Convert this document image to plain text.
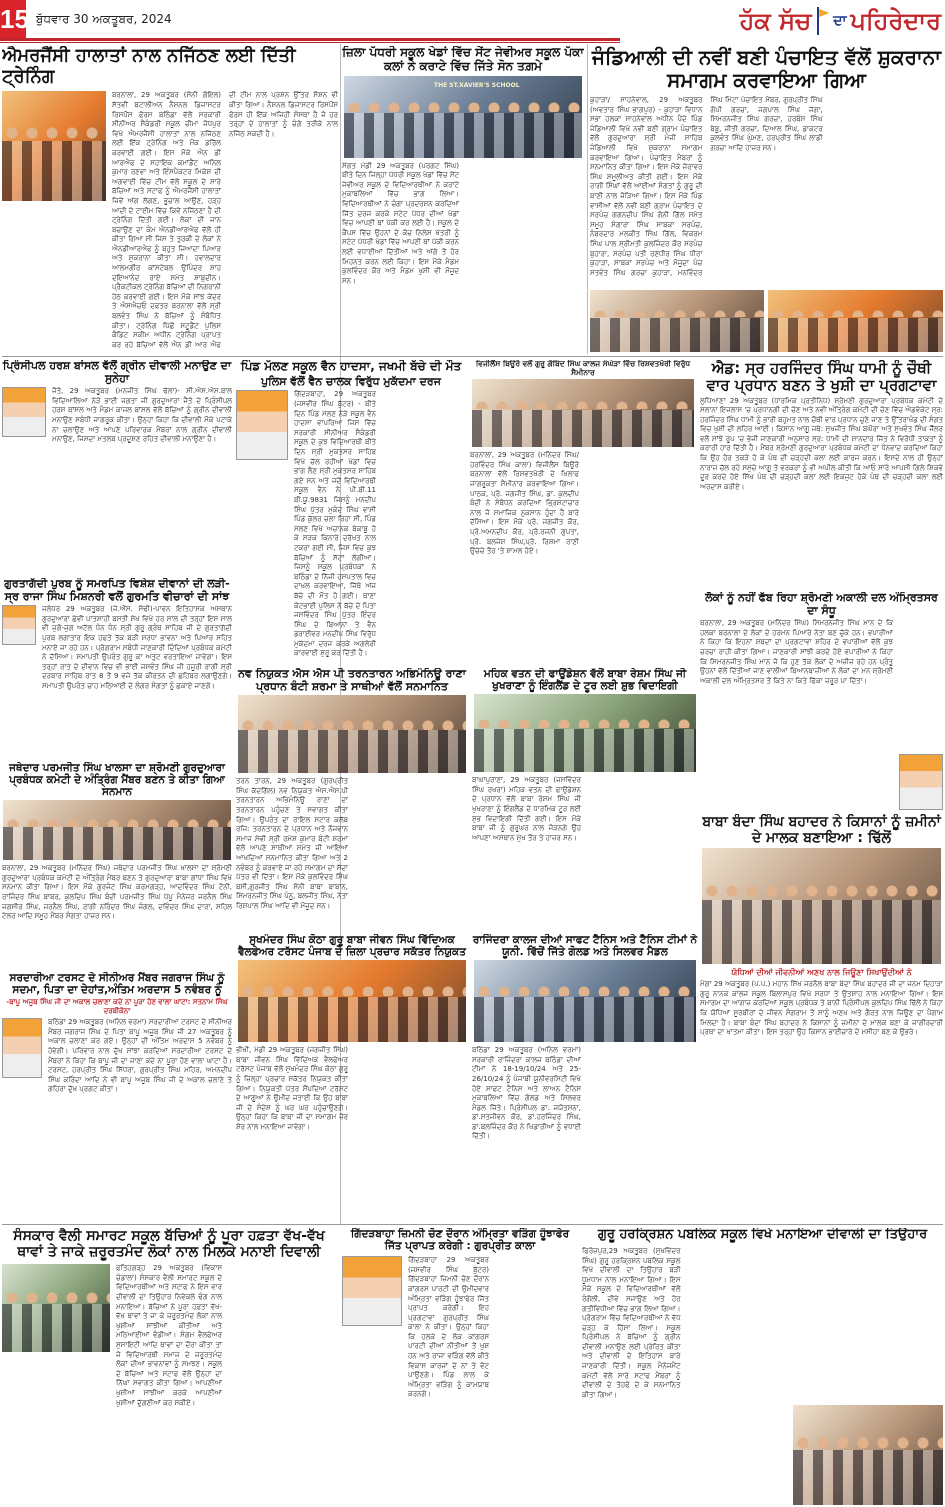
15 ਬੁੱਧਵਾਰ 30 ਅਕਤੂਬਰ, 2024	ਹੱਕ ਸੱਚ ਦਾ ਪਹਿਰੇਦਾਰ
ਐਮਰਜੈਂਸੀ ਹਾਲਾਤਾਂ ਨਾਲ ਨਜਿੱਠਣ ਲਈ ਦਿੱਤੀ ਟ੍ਰੇਨਿੰਗ
ਬਰਨਾਲਾ, 29 ਅਕਤੂਬਰ (ਸੋਨੀ ਗੋਇਲ) ਸੱਤਵੀਂ ਬਟਾਲੀਅਨ ਨੈਸ਼ਨਲ ਡਿਜਾਸਟਰ ਰਿਸਪੌਂਸ ਫੋਰਸ ਬਠਿੰਡਾ ਵੱਲੋਂ ਸਰਕਾਰੀ ਸੀਨੀਅਰ ਸੈਕੰਡਰੀ ਸਕੂਲ ਚੀਮਾ ਜੋਧਪੁਰ ਵਿਖੇ ਐਮਰਜੈਂਸੀ ਹਾਲਾਤਾਂ ਨਾਲ ਨਜਿੱਠਣ ਲਈ ਇੱਕ ਟ੍ਰੇਨਿੰਗ ਅਤੇ ਮੌਕ ਡਰਿੱਲ ਕਰਵਾਈ ਗਈ। ਇਸ ਮੌਕੇ ਐਨ ਡੀ ਆਰਐਫ ਦੇ ਸਹਾਇਕ ਕਮਾਂਡੈਂਟ ਅਨਿਲ ਕੁਮਾਰ ਰਣਵਾ ਅਤੇ ਇੰਸਪੈਕਟਰ ਮਿਕੇਸ਼ ਦੀ ਅਗਵਾਈ ਵਿੱਚ ਟੀਮ ਵੱਲੋਂ ਸਕੂਲ ਦੇ ਸਾਰੇ ਬੱਚਿਆਂ ਅਤੇ ਸਟਾਫ ਨੂੰ ਐਮਰਜੈਂਸੀ ਹਾਲਾਤਾਂ ਜਿਵੇਂ ਅੱਗ ਲੱਗਣ, ਭੂਚਾਲ ਆਉਣ, ਹੜ੍ਹ ਆਦੀ ਦੇ ਟਾਈਮ ਵਿੱਚ ਕਿਵੇਂ ਨਜਿੱਠਣਾ ਹੈ ਦੀ ਟ੍ਰੇਨਿੰਗ ਦਿੱਤੀ ਗਈ। ਲੋਕਾਂ ਦੀ ਜਾਨ ਬਚਾਉਣ ਦਾ ਕੰਮ ਐਨਡੀਆਰਐਫ ਵੱਲੋਂ ਹੀ ਕੀਤਾ ਗਿਆ ਸੀ ਜਿਸ ਤੇ ਤੁਰਕੀ ਦੇ ਲੋਕਾਂ ਨੇ ਐਨਡੀਆਰਐਫ ਨੂੰ ਬਹੁਤ ਜਿਆਦਾ ਪਿਆਰ ਅਤੇ ਸ਼ੁਕਰਾਨਾ ਕੀਤਾ ਸੀ। ਹਵਾਲਦਾਰ ਆਲਮਗੀਰ ਕਾਂਸਟੇਬਲ ਉਪਿੰਦਰ ਸ਼ਾਹ ਦਇਆਨੰਦ ਰਾਏ ਸਮੇਤ ਸ਼ਾਬੁਦੀਨ। ਪ੍ਰੈਕਟੀਕਲ ਟ੍ਰੇਨਿੰਗ ਬੱਚਿਆਂ ਦੀ ਨਿਗਰਾਨੀ ਹੇਠ ਕਰਵਾਈ ਗਈ। ਇਸ ਮੌਕੇ ਸਾਂਝ ਕੇਂਦਰ ਤੇ ਐਸਐਚਓ ਦਫਤਰ ਬਰਨਾਲਾ ਵੱਲੋਂ ਸ੍ਰੀ ਬਲਵੰਤ ਸਿੰਘ ਨੇ ਬੱਚਿਆਂ ਨੂੰ ਸੰਬੋਧਿਤ ਕੀਤਾ। ਟ੍ਰੇਨਿੰਗ ਪਿੱਛੋਂ ਸਟੂਡੈਂਟ ਪੁਲਿਸ ਕੈਡਿਟ ਸਕੀਮ ਅਧੀਨ ਟ੍ਰੇਨਿੰਗ ਪ੍ਰਾਪਤ ਕਰ ਰਹੇ ਬੱਚਿਆਂ ਵੱਲੋਂ ਐਨ ਡੀ ਆਰ ਐਫ ਦੀ ਟੀਮ ਨਾਲ ਪ੍ਰਸ਼ਨ ਉੱਤਰ ਸੈਸ਼ਨ ਵੀ ਕੀਤਾ ਗਿਆ। ਨੈਸ਼ਨਲ ਡਿਜਾਸਟਰ ਰਿਸਪੌਂਸ ਫੋਰਸ ਹੀ ਇੱਕ ਅਜਿਹੀ ਸੰਸਥਾ ਹੈ ਜੋ ਹਰ ਤਰ੍ਹਾਂ ਦੇ ਹਾਲਾਤਾਂ ਨੂੰ ਚੰਗੇ ਤਰੀਕੇ ਨਾਲ ਨਜਿੱਠ ਸਕਦੀ ਹੈ।
ਜ਼ਿਲਾ ਪੱਧਰੀ ਸਕੂਲ ਖੇਡਾਂ ਵਿੱਚ ਸੇਂਟ ਜੇਵੀਅਰ ਸਕੂਲ ਪੱਕਾ ਕਲਾਂ ਨੇ ਕਰਾਟੇ ਵਿੱਚ ਜਿੱਤੇ ਸੋਨ ਤਗ਼ਮੇ
THE ST.XAVIER'S SCHOOL
ਸੰਗਤ ਮੰਡੀ 29 ਅਕਤੂਬਰ (ਪਰਗਟ ਸਿੰਘ) ਬੀਤੇ ਦਿਨ ਜਿਲ੍ਹਾ ਪੱਧਰੀ ਸਕੂਲ ਖੇਡਾਂ ਵਿੱਚ ਸੇਂਟ ਜੇਵੀਅਰ ਸਕੂਲ ਦੇ ਵਿਦਿਆਰਥੀਆਂ ਨੇ ਕਰਾਟੇ ਮੁਕਾਬਲਿਆਂ ਵਿੱਚ ਭਾਗ ਲਿਆ। ਵਿਦਿਆਰਥੀਆਂ ਨੇ ਚੰਗਾ ਪ੍ਰਦਰਸ਼ਨ ਕਰਦਿਆਂ ਜਿੱਤ ਦਰਜ ਕਰਕੇ ਸਟੇਟ ਪੱਧਰ ਦੀਆਂ ਖੇਡਾਂ ਵਿਚ ਆਪਣੀ ਥਾਂ ਪੱਕੀ ਕਰ ਲਈ ਹੈ। ਸਕੂਲ ਦੇ ਕੈਂਪਸ ਵਿੱਚ ਉਹਨਾਂ ਦੇ ਕੋਚ ਨਿਲੇਸ਼ ਖੱਤਰੀ ਨੂੰ ਸਟੇਟ ਪੱਧਰੀ ਖੇਡਾਂ ਵਿੱਚ ਆਪਣੀ ਥਾਂ ਪੱਕੀ ਕਰਨ ਲਈ ਵਧਾਈਆਂ ਦਿੱਤੀਆਂ ਅਤੇ ਅੱਗੇ ਤੋਂ ਹੋਰ ਮਿਹਨਤ ਕਰਨ ਲਈ ਕਿਹਾ। ਇਸ ਮੌਕੇ ਮੈਡਮ ਕੁਲਵਿੰਦਰ ਕੌਰ ਅਤੇ ਮੈਡਮ ਖੁਸ਼ੀ ਵੀ ਮੌਜੂਦ ਸਨ।
ਜੰਡਿਆਲੀ ਦੀ ਨਵੀਂ ਬਣੀ ਪੰਚਾਇਤ ਵੱਲੋਂ ਸ਼ੁਕਰਾਨਾ ਸਮਾਗਮ ਕਰਵਾਇਆ ਗਿਆ
ਕੁਹਾੜਾ/ ਸਾਹਨੇਵਾਲ, 29 ਅਕਤੂਬਰ (ਅਵਤਾਰ ਸਿੰਘ ਭਾਗਪੁਰ) - ਕੁਹਾੜਾ ਵਿਧਾਨ ਸਭਾ ਹਲਕਾ ਸਾਹਨੇਵਾਲ ਅਧੀਨ ਪੈਂਦੇ ਪਿੰਡ ਜੰਡਿਆਲੀ ਵਿਖੇ ਨਵੀਂ ਬਣੀ ਗ੍ਰਾਮ ਪੰਚਾਇਤ ਵੱਲੋਂ ਗੁਰਦੁਆਰਾ ਸ੍ਰੀ ਮੰਜੀ ਸਾਹਿਬ ਜੰਡਿਆਲੀ ਵਿਖੇ ਸ਼ੁਕਰਾਨਾ ਸਮਾਗਮ ਕਰਵਾਇਆ ਗਿਆ। ਪੰਚਾਇਤ ਮੈਂਬਰਾਂ ਨੂੰ ਸਨਮਾਨਿਤ ਕੀਤਾ ਗਿਆ। ਇਸ ਮੌਕੇ ਜ਼ੋਰਾਵਰ ਸਿੰਘ ਸ਼ਮੂਲੀਅਤ ਕੀਤੀ ਗਈ। ਇਸ ਮੌਕੇ ਰਾਗੀ ਸਿੰਘਾਂ ਵੱਲੋਂ ਆਈਆਂ ਸੰਗਤਾਂ ਨੂੰ ਗੁਰੂ ਦੀ ਬਾਣੀ ਨਾਲ ਜੋੜਿਆ ਗਿਆ। ਇਸ ਮੌਕੇ ਪਿੰਡ ਵਾਸੀਆਂ ਵੱਲੋਂ ਨਵੀਂ ਬਣੀ ਗ੍ਰਾਮ ਪੰਚਾਇਤ ਦੇ ਸਰਪੰਚ ਗਗਨਦੀਪ ਸਿੰਘ ਗੋਨੀ ਗਿੱਲ ਸਮੇਤ ਸਮੂਹ ਸੰਗਾਰਾ ਸਿੰਘ ਸਾਬਕਾ ਸਰਪੰਚ, ਨੰਬਰਦਾਰ ਮਲਕੀਤ ਸਿੰਘ ਗਿੱਲ, ਵਿਕਰਮ ਸਿੰਘ ਪਾਲ ਸ੍ਰੀਮਤੀ ਕੁਲਜਿੰਦਰ ਕੌਰ ਸਰਪੰਚ ਬੁਹਾਰਾ, ਸਰਪੰਚ ਪਤੀ ਰਣਧੀਰ ਸਿੰਘ ਧੀਰਾ ਕੁਹਾੜਾ, ਸਾਬਕਾ ਸਰਪੰਚ ਅਤੇ ਮੌਜੂਦਾ ਪੰਚ ਸਤਵੰਤ ਸਿੰਘ ਗਰਚਾ ਕੁਹਾੜਾ, ਮਨਵਿੰਦਰ ਸਿੰਘ ਮਿੰਟਾ ਪੰਚਾਇਤ ਮੈਂਬਰ, ਗੁਰਪ੍ਰੀਤ ਸਿੰਘ ਗੋਪੀ ਗਰਚਾ, ਜਗਪਾਲ ਸਿੰਘ ਜੱਗਾ, ਸਿਮਰਨਜੀਤ ਸਿੰਘ ਗਰਚਾ, ਹਰਬੰਸ ਸਿੰਘ ਬੇਬੂ, ਜੀਤੀ ਗਰਚਾ, ਦਿਆਲ ਸਿੰਘ, ਡਾਕਟਰ ਕੁਲਵੰਤ ਸਿੰਘ ਘੁੰਮਣ, ਹਰਪ੍ਰੀਤ ਸਿੰਘ ਲਾਡੀ ਗਰਚਾ ਆਦਿ ਹਾਜ਼ਰ ਸਨ।
ਪ੍ਰਿੰਸੀਪਲ ਹਰਸ਼ ਬਾਂਸਲ ਵੱਲੋਂ ਗ੍ਰੀਨ ਦੀਵਾਲੀ ਮਨਾਉਣ ਦਾ ਸੁਨੇਹਾ
ਜੈਤੋ, 29 ਅਕਤੂਬਰ (ਮਨਜੀਤ ਸਿੰਘ ਢੱਲਾ)- ਸੀ.ਐਸ.ਐਸ.ਬਾਲ ਵਿਦਿਆਲਿਆ ਨੇੜੇ ਭਾਈ ਜਗਤਾ ਜੀ ਗੁਰਦੁਆਰਾ ਜੈਤੋ ਦੇ ਪ੍ਰਿੰਸੀਪਲ ਹਰਸ਼ ਬਾਂਸਲ ਅਤੇ ਮੈਡਮ ਕਾਜਲ ਬਾਂਸਲ ਵੱਲੋਂ ਬੱਚਿਆਂ ਨੂੰ ਗ੍ਰੀਨ ਦੀਵਾਲੀ ਮਨਾਉਣ ਸਬੰਧੀ ਜਾਗਰੂਕ ਕੀਤਾ। ਉਨ੍ਹਾਂ ਕਿਹਾ ਕਿ ਦੀਵਾਲੀ ਮੌਕੇ ਪਟਾਕੇ ਨਾ ਚਲਾਉਣ ਅਤੇ ਆਪਣੇ ਪਰਿਵਾਰਕ ਮੈਂਬਰਾਂ ਨਾਲ ਗ੍ਰੀਨ ਦੀਵਾਲੀ ਮਨਾਉਣ, ਜਿਸਦਾ ਮਤਲਬ ਪ੍ਰਦੂਸ਼ਣ ਰਹਿਤ ਦੀਵਾਲੀ ਮਨਾਉਣਾ ਹੈ।
ਪਿੰਡ ਮੱਲਣ ਸਕੂਲ ਵੈਨ ਹਾਦਸਾ, ਜਖਮੀ ਬੱਚੇ ਦੀ ਮੌਤ
ਪੁਲਿਸ ਵੱਲੋਂ ਵੈਨ ਚਾਲਕ ਵਿਰੁੱਧ ਮੁਕੱਦਮਾ ਦਰਜ
ਗਿੱਦੜਬਾਹਾ, 29 ਅਕਤੂਬਰ (ਜਸਵੀਰ ਸਿੰਘ ਬੁੱਟਰ) - ਬੀਤੇ ਦਿਨ ਪਿੰਡ ਮੱਲਣ ਨੇੜੇ ਸਕੂਲ ਵੈਨ ਹਾਦਸਾ ਵਾਪਰਿਆ ਜਿਸ ਵਿੱਚ ਸਰਕਾਰੀ ਸੀਨੀਅਰ ਸੈਕੰਡਰੀ ਸਕੂਲ ਦੇ ਕੁਝ ਵਿਦਿਆਰਥੀ ਬੀਤੇ ਦਿਨ ਸ੍ਰੀ ਮੁਕਤਸਰ ਸਾਹਿਬ ਵਿਖੇ ਚੱਲ ਰਹੀਆਂ ਖੇਡਾਂ ਵਿਚ ਭਾਗ ਲੈਣ ਸ੍ਰੀ ਮੁਕਤਸਰ ਸਾਹਿਬ ਗਏ ਸਨ ਅਤੇ ਜਦੋਂ ਵਿਦਿਆਰਥੀ ਸਕੂਲ ਵੈਨ ਨੇ ਪੀ.ਬੀ.11 ਬੀ.ਯੂ.9831 ਜਿਸਨੂੰ ਮਨਦੀਪ ਸਿੰਘ ਪੁੱਤਰ ਮੁਕੰਦ ਸਿੰਘ ਵਾਸੀ ਪਿੰਡ ਕੁੱਲਰ ਚਲਾ ਰਿਹਾ ਸੀ, ਪਿੰਡ ਮੱਲਣ ਵਿਖੇ ਅਚਾਨਕ ਬੇਕਾਬੂ ਹੋ ਕੇ ਸੜਕ ਕਿਨਾਰੇ ਦਰੱਖਤ ਨਾਲ ਟਕਰਾ ਗਈ ਸੀ, ਜਿਸ ਵਿਚ ਕੁਝ ਬੱਚਿਆਂ ਨੂੰ ਸੱਟਾਂ ਲੱਗੀਆਂ। ਜਿਸਨੂੰ ਸਕੂਲ ਪ੍ਰਬੰਧਕਾਂ ਨੇ ਬਠਿੰਡਾ ਦੇ ਨਿੱਜੀ ਹਸਪਤਾਲ ਵਿਚ ਦਾਖਲ ਕਰਵਾਇਆ, ਜਿੱਥੇ ਅੱਜ ਬੱਚੇ ਦੀ ਮੌਤ ਹੋ ਗਈ। ਥਾਣਾ ਕੋਟਭਾਈ ਪੁਲਿਸ ਨੇ ਬੱਚੇ ਦੇ ਪਿਤਾ ਜਸਵਿੰਦਰ ਸਿੰਘ ਪੁੱਤਰ ਇੰਦਰ ਸਿੰਘ ਦੇ ਬਿਆਨਾਂ ਤੇ ਵੈਨ ਡਰਾਈਵਰ ਮਨਦੀਪ ਸਿੰਘ ਵਿਰੁੱਧ ਮੁਕੱਦਮਾ ਦਰਜ ਕਰਕੇ ਅਗਲੇਰੀ ਕਾਰਵਾਈ ਸ਼ੁਰੂ ਕਰ ਦਿੱਤੀ ਹੈ।
ਵਿਜੀਲੈਂਸ ਬਿਊਰੋ ਵਲੋਂ ਗੁਰੂ ਗੋਬਿੰਦ ਸਿੰਘ ਕਾਲਜ ਸੰਘੇੜਾ ਵਿੱਚ ਰਿਸ਼ਵਤਖੋਰੀ ਵਿਰੁੱਧ ਸੈਮੀਨਾਰ
ਬਰਨਾਲਾ, 29 ਅਕਤੂਬਰ (ਮਨਿੰਦਰ ਸਿੰਘ/ਹਰਵਿੰਦਰ ਸਿੰਘ ਕਾਲਾ) ਵਿਜੀਲੈਂਸ ਬਿਊਰੋ ਬਰਨਾਲਾ ਵੱਲੋਂ ਰਿਸ਼ਵਤਖੋਰੀ ਦੇ ਖਿਲਾਫ ਜਾਗਰੂਕਤਾ ਸੈਮੀਨਾਰ ਕਰਵਾਇਆ ਗਿਆ। ਪਾਠਕ, ਪ੍ਰੋ. ਜਗਜੀਤ ਸਿੰਘ, ਡਾ. ਕੁਲਦੀਪ ਬੰਦੀ ਨੇ ਸੰਬੋਧਨ ਕਰਦਿਆਂ ਭ੍ਰਿਸ਼ਟਾਚਾਰ ਨਾਲ ਜੋ ਸਮਾਜਿਕ ਨੁਕਸਾਨ ਹੁੰਦਾ ਹੈ ਬਾਰੇ ਦੱਸਿਆ। ਇਸ ਮੌਕੇ ਪ੍ਰੋ. ਜਗਜੀਤ ਕੌਰ, ਪ੍ਰੋ.ਅਮਨਦੀਪ ਕੌਰ, ਪ੍ਰੋ.ਰਜਨੀ ਗੁਪਤਾ, ਪ੍ਰੋ. ਬਲਜੇਸ਼ ਸਿੰਘ,ਪ੍ਰੋ. ਰਿਸ਼ਮਾ ਰਾਣੀ ਉਚੇਚੇ ਤੌਰ 'ਤੇ ਸ਼ਾਮਲ ਹੋਏ।
ਐਡ: ਸ੍ਰ ਹਰਜਿੰਦਰ ਸਿੰਘ ਧਾਮੀ ਨੂੰ ਚੌਥੀ ਵਾਰ ਪ੍ਰਧਾਨ ਬਣਨ ਤੇ ਖੁਸ਼ੀ ਦਾ ਪ੍ਰਗਟਾਵਾ
ਲੁਧਿਆਣਾ 29 ਅਕਤੂਬਰ (ਧਾਰਮਿਕ ਪ੍ਰਤੀਨਿਧ) ਸ਼੍ਰੋਮਣੀ ਗੁਰਦੁਆਰਾ ਪ੍ਰਬੰਧਕ ਕਮੇਟੀ ਦੇ ਸਲਾਨਾ ਇਜਲਾਸ 'ਚ ਪ੍ਰਧਾਨਗੀ ਦੀ ਚੋਣ ਅਤੇ ਨਵੀਂ ਅੰਤ੍ਰਿੰਗ ਕਮੇਟੀ ਦੀ ਚੋਣ ਵਿੱਚ ਐਡਵੋਕੇਟ ਸ੍ਰ: ਹਰਜਿੰਦਰ ਸਿੰਘ ਧਾਮੀ ਨੂੰ ਭਾਰੀ ਬਹੁਮਤ ਨਾਲ ਚੌਥੀ ਵਾਰ ਪ੍ਰਧਾਨ ਚੁਣੇ ਜਾਣ ਤੇ ਉੱਤਰਾਖੰਡ ਦੀ ਸੰਗਤ ਵਿਚ ਖੁਸ਼ੀ ਦੀ ਲਹਿਰ ਆਈ। ਕਿਸਾਨ ਆਗੂ ਜਥੇ: ਸੁਖਜੀਤ ਸਿੰਘ ਬਘੌਰਾ ਅਤੇ ਸੁਖਵੰਤ ਸਿੰਘ ਜੌੱਲਰ ਵਲੋਂ ਸਾਂਝੇ ਰੂਪ 'ਚ ਭੇਜੀ ਜਾਣਕਾਰੀ ਅਨੁਸਾਰ ਸ੍ਰ: ਧਾਮੀ ਦੀ ਸ਼ਾਨਦਾਰ ਜਿੱਤ ਨੇ ਵਿਰੋਧੀ ਤਾਕਤਾਂ ਨੂੰ ਕਰਾਰੀ ਹਾਰ ਦਿੱਤੀ ਹੈ। ਮੈਂਬਰ ਸ਼੍ਰੋਮਣੀ ਗੁਰਦੁਆਰਾ ਪ੍ਰਬੰਧਕ ਕਮੇਟੀ ਦਾ ਧੰਨਵਾਦ ਕਰਦਿਆਂ ਕਿਹਾ ਕਿ ਉਹ ਹੋਰ ਤਕੜੇ ਹੋ ਕੇ ਪੰਥ ਦੀ ਚੜ੍ਹਦੀ ਕਲਾ ਲਈ ਕਾਰਜ ਕਰਨ। ਇਸਦੇ ਨਾਲ ਹੀ ਉਨ੍ਹਾਂ ਨਾਰਾਜ਼ ਚੱਲ ਰਹੇ ਸਮੁੱਚੇ ਆਗੂ ਤੇ ਵਰਕਰਾਂ ਨੂੰ ਵੀ ਅਪੀਲ ਕੀਤੀ ਕਿ ਆਓ ਸਾਰੇ ਆਪਸੀ ਗਿਲੇ ਸ਼ਿਕਵੇ ਦੂਰ ਕਰਦੇ ਹੋਏ ਸਿੱਖ ਪੰਥ ਦੀ ਚੜ੍ਹਦੀ ਕਲਾ ਲਈ ਇਕਜੁਟ ਹੋਕੇ ਪੰਥ ਦੀ ਚੜ੍ਹਦੀ ਕਲਾ ਲਈ ਅਰਦਾਸ ਕਰੀਏ।
ਗੁਰਤਾਗੱਦੀ ਪੁਰਬ ਨੂੰ ਸਮਰਪਿਤ ਵਿਸ਼ੇਸ਼ ਦੀਵਾਨਾਂ ਦੀ ਲੜੀ- ਸ੍ਰ ਰਾਜਾ ਸਿੰਘ ਮਿਸ਼ਨਰੀ ਵਲੋਂ ਗੁਰਮਤਿ ਵੀਚਾਰਾਂ ਦੀ ਸਾਂਝ
ਜਲੰਧਰ 29 ਅਕਤੂਬਰ (ਜੇ.ਐੱਸ. ਸੋਢੀ)-ਪਾਵਨ ਇਤਿਹਾਸਕ ਅਸਥਾਨ ਗੁਰਦੁਆਰਾ ਛੇਵੀਂ ਪਾਤਸ਼ਾਹੀ ਬਸਤੀ ਸ਼ੇਖ ਵਿਖੇ ਹਰ ਸਾਲ ਦੀ ਤਰ੍ਹਾਂ ਇਸ ਸਾਲ ਵੀ ਜੁਗੋ-ਜੁਗ ਅਟੱਲ ਧੰਨ ਧੰਨ ਸ੍ਰੀ ਗੁਰੂ ਗ੍ਰੰਥ ਸਾਹਿਬ ਜੀ ਦੇ ਗੁਰਤਾਗੱਦੀ ਪੁਰਬ ਲਗਾਤਾਰ ਇਕ ਹਫਤੇ ਤੱਕ ਬੜੀ ਸ਼ਰਧਾ ਭਾਵਨਾ ਅਤੇ ਪਿਆਰ ਸਹਿਤ ਮਨਾਏ ਜਾ ਰਹੇ ਹਨ। ਪ੍ਰੋਗਰਾਮ ਸਬੰਧੀ ਜਾਣਕਾਰੀ ਦਿੰਦਿਆਂ ਪ੍ਰਬੰਧਕ ਕਮੇਟੀ ਨੇ ਦੱਸਿਆ। ਸਮਾਪਤੀ ਉਪਰੰਤ ਗੁਰੂ ਕਾ ਅਤੁਟ ਵਰਤਾਇਆ ਜਾਵੇਗਾ। ਇਸ ਤਰ੍ਹਾਂ ਰਾਤ ਦੇ ਦੀਵਾਨ ਵਿਚ ਵੀ ਭਾਈ ਜਸਵੰਤ ਸਿੰਘ ਜੀ ਹਜ਼ੂਰੀ ਰਾਗੀ ਸ੍ਰੀ ਦਰਬਾਰ ਸਾਹਿਬ ਰਾਤ 8 ਤੋਂ 9 ਵਜੇ ਤੱਕ ਕੀਰਤਨ ਦੀ ਛਹਿਬਰ ਲਗਾਉਣਗੇ। ਸਮਾਪਤੀ ਉਪਰੰਤ ਚਾਹ ਮਠਿਆਈ ਦੇ ਲੰਗਰ ਸੰਗਤਾਂ ਨੂੰ ਛਕਾਏ ਜਾਣਗੇ।
ਲੋਕਾਂ ਨੂੰ ਨਹੀਂ ਫੱਬ ਰਿਹਾ ਸ਼੍ਰੋਮਣੀ ਅਕਾਲੀ ਦਲ ਅੰਮ੍ਰਿਤਸਰ ਦਾ ਸੰਧੂ
ਬਰਨਾਲਾ, 29 ਅਕਤੂਬਰ (ਮਨਿੰਦਰ ਸਿੰਘ) ਸਿਮਰਨਜੀਤ ਸਿੰਘ ਮਾਨ ਦੇ ਕਿ ਹਲਕਾ ਬਰਨਾਲਾ ਦੇ ਲੋਕਾਂ ਦੇ ਹਰਮਨ ਪਿਆਰੇ ਨੇਤਾ ਬਣ ਚੁੱਕੇ ਹਨ। ਵਪਾਰੀਆਂ ਨੇ ਕਿਹਾ ਕਿ ਇਹਨਾਂ ਸ਼ਬਦਾਂ ਦਾ ਪ੍ਰਗਟਾਵਾ ਸ਼ਹਿਰ ਦੇ ਵਪਾਰੀਆਂ ਵੱਲੋਂ ਕੁਝ ਚਰਚਾ ਰਾਹੀਂ ਕੀਤਾ ਗਿਆ। ਜਾਣਕਾਰੀ ਸਾਂਝੀ ਕਰਦੇ ਹੋਏ ਵਪਾਰੀਆਂ ਨੇ ਕਿਹਾ ਕਿ ਸਿਮਰਨਜੀਤ ਸਿੰਘ ਮਾਨ ਜੋ ਕਿ ਹੁਣ ਤੱਕ ਲੋਕਾਂ ਦੇ ਅਜ਼ੀਜ਼ ਰਹੇ ਹਨ ਪ੍ਰੰਤੂ ਉਹਨਾਂ ਵੱਲੋਂ ਦਿੱਤੀਆਂ ਜਾਣ ਵਾਲੀਆਂ ਬਿਆਨਬਾਜ਼ੀਆਂ ਨੇ ਲੋਕਾਂ ਦਾ ਮਨ ਸ਼੍ਰੋਮਣੀ ਅਕਾਲੀ ਦਲ ਅੰਮ੍ਰਿਤਸਰ ਤੋਂ ਕਿਤੇ ਨਾ ਕਿਤੇ ਫਿੱਕਾ ਜ਼ਰੂਰ ਪਾ ਦਿੱਤਾ।
ਨਵ ਨਿਯੁਕਤ ਐਸ ਐਸ ਪੀ ਤਰਨਤਾਰਨ ਅਭਿਮੰਨਿਊ ਰਾਣਾ ਪ੍ਰਧਾਨ ਬੰਟੀ ਸ਼ਰਮਾ ਤੇ ਸਾਥੀਆਂ ਵੱਲੋਂ ਸਨਮਾਨਿਤ
ਤਰਨ ਤਾਰਨ, 29 ਅਕਤੂਬਰ (ਗੁਰਪ੍ਰੀਤ ਸਿੰਘ ਕੱਦਗਿੱਲ) ਨਵ ਨਿਯੁਕਤ ਐਸ.ਐਸ.ਪੀ ਤਰਨਤਾਰਨ ਅਭਿਮੰਨਿਊ ਰਾਣਾ ਦਾ ਤਰਨਤਾਰਨ ਪਹੁੰਚਣ ਤੇ ਸਵਾਗਤ ਕੀਤਾ ਗਿਆ। ਉਪਰੰਤ ਦਾ ਰਾਇਲ ਸਟਾਰ ਕਲੱਬ ਰਜਿ: ਤਰਨਤਾਰਨ ਦੇ ਪ੍ਰਧਾਨ ਅਤੇ ਨੌਜਵਾਨ ਸਮਾਜ ਸੇਵੀ ਸ੍ਰੀ ਰਮੇਸ਼ ਕੁਮਾਰ ਬੰਟੀ ਸ਼ਰਮਾ ਵੱਲੋਂ ਆਪਣੇ ਸਾਥੀਆਂ ਸਮੇਤ ਜੀ ਆਇਆਂ ਆਖਦਿਆਂ ਸਨਮਾਨਿਤ ਕੀਤਾ ਗਿਆ ਅਤੇ 2 ਨਵੰਬਰ ਨੂੰ ਕਰਵਾਏ ਜਾ ਰਹੇ ਸਮਾਗਮ ਦਾ ਸੱਦਾ ਪੱਤਰ ਵੀ ਦਿੱਤਾ। ਇਸ ਮੌਕੇ ਕੁਲਵਿੰਦਰ ਸਿੰਘ ਬਸੀ,ਗੁਰਜੀਤ ਸਿੰਘ ਸੋਨੀ ਬਾਬਾ ਬਾਬਾਨ, ਸਿਮਰਨਜੀਤ ਸਿੰਘ ਪੰਨੂ, ਬਲਜੀਤ ਸਿੰਘ, ਨੇਤਾ ਰਿਸ਼ਪਾਲ ਸਿੰਘ ਆਦਿ ਵੀ ਮੌਜੂਦ ਸਨ।
ਮਹਿਕ ਵਤਨ ਦੀ ਫਾਉਂਡੇਸ਼ਨ ਵੱਲੋਂ ਬਾਬਾ ਰੇਸ਼ਮ ਸਿੰਘ ਜੀ ਖੁਖਰਾਣਾ ਨੂੰ ਇੰਗਲੈਂਡ ਦੇ ਟੂਰ ਲਈ ਸ਼ੁਭ ਵਿਦਾਇਗੀ
ਬਾਘਾਪੁਰਾਣਾ, 29 ਅਕਤੂਬਰ (ਜਸਵਿੰਦਰ ਸਿੰਘ ਰਖਰਾ) ਮਹਿਕ ਵਤਨ ਦੀ ਫਾਉਂਡੇਸ਼ਨ ਦੇ ਪ੍ਰਧਾਨ ਵੱਲੋਂ ਬਾਬਾ ਰੇਸ਼ਮ ਸਿੰਘ ਜੀ ਖੁਖਰਾਣਾ ਨੂੰ ਇੰਗਲੈਂਡ ਦੇ ਧਾਰਮਿਕ ਟੂਰ ਲਈ ਸ਼ੁਭ ਵਿਦਾਇਗੀ ਦਿੱਤੀ ਗਈ। ਇਸ ਮੌਕੇ ਬਾਬਾ ਜੀ ਨੂੰ ਗੁਰੂਘਰ ਨਾਲ ਜੋੜਨਗੇ ਉਹ ਆਪਣਾ ਅਸਥਾਨ ਮੁੱਖ ਤੌਰ ਤੇ ਹਾਜ਼ਰ ਸਨ।
ਜਥੇਦਾਰ ਪਰਮਜੀਤ ਸਿੰਘ ਖਾਲਸਾ ਦਾ ਸ਼੍ਰੋਮਣੀ ਗੁਰਦੁਆਰਾ ਪ੍ਰਬੰਧਕ ਕਮੇਟੀ ਦੇ ਅੰਤ੍ਰਿੰਗ ਮੈਂਬਰ ਬਣਨ ਤੇ ਕੀਤਾ ਗਿਆ ਸਨਮਾਨ
ਬਰਨਾਲਾ, 29 ਅਕਤੂਬਰ (ਮਨਿੰਦਰ ਸਿੰਘ) ਜਥੇਦਾਰ ਪਰਮਜੀਤ ਸਿੰਘ ਖਾਲਸਾ ਦਾ ਸ਼੍ਰੋਮਣੀ ਗੁਰਦੁਆਰਾ ਪ੍ਰਬੰਧਕ ਕਮੇਟੀ ਦੇ ਅੰਤ੍ਰਿੰਗ ਮੈਂਬਰ ਬਣਨ ਤੇ ਗੁਰਦੁਆਰਾ ਬਾਬਾ ਗਾਂਧਾ ਸਿੰਘ ਵਿਖੇ ਸਨਮਾਨ ਕੀਤਾ ਗਿਆ। ਇਸ ਮੌਕੇ ਗੁਰਜੰਟ ਸਿੰਘ ਕਰਮਗੜ੍ਹ, ਆਦਵਿੰਦਰ ਸਿੰਘ ਟੋਨੀ, ਰਾਜਿੰਦਰ ਸਿੰਘ ਬਾਬਰ, ਕੁਲਦਿਪ ਸਿੰਘ ਬੰਦੀ ਪਰਮਜੀਤ ਸਿੰਘ ਪੱਪੂ ਮੈਨੇਜਰ ਜਰਨੈਲ ਸਿੰਘ ਜਗਸੀਰ ਸਿੰਘ, ਜਰਨੈਲ ਸਿੰਘ, ਰਾਗੀ ਨਰਿੰਦਰ ਸਿੰਘ ਜੰਗਲ, ਦਵਿੰਦਰ ਸਿੰਘ ਦਾਰਾ, ਸਹਿਲ ਟੇਲਰ ਆਦਿ ਸਮੂਹ ਮੈਂਬਰ ਸੰਗਤਾ ਹਾਜ਼ਰ ਸਨ।
ਬਾਬਾ ਬੰਦਾ ਸਿੰਘ ਬਹਾਦਰ ਨੇ ਕਿਸਾਨਾਂ ਨੂੰ ਜ਼ਮੀਨਾਂ ਦੇ ਮਾਲਕ ਬਣਾਇਆ : ਢਿੱਲੋਂ
ਯੋਧਿਆਂ ਦੀਆਂ ਜੀਵਨੀਆਂ ਅਣਖ ਨਾਲ ਜਿਊਣਾ ਸਿਖਾਉਂਦੀਆਂ ਨੇ
ਮੋਗਾ 29 ਅਕਤੂਬਰ (ਪ.ਪ.) ਮਹਾਨ ਸਿੱਖ ਜਰਨੈਲ ਬਾਬਾ ਬੰਦਾ ਸਿੰਘ ਬਹਾਦਰ ਜੀ ਦਾ ਜਨਮ ਦਿਹਾੜਾ ਗੁਰੂ ਨਾਨਕ ਕਾਲਜ ਸਕੂਲ ਬਿਲਾਸਪੁਰ ਵਿਖੇ ਸ਼ਰਧਾ ਤੇ ਉਤਸ਼ਾਹ ਨਾਲ ਮਨਾਇਆ ਗਿਆ। ਇਸ ਸਮਾਗਮ ਦਾ ਆਗਾਜ਼ ਕਰਦਿਆਂ ਸਕੂਲ ਪ੍ਰਬੰਧਕ ਤੇ ਬਾਨੀ ਪ੍ਰਿੰਸੀਪਲ ਕੁਲਦਿਪ ਸਿੰਘ ਢਿੱਲੋਂ ਨੇ ਕਿਹਾ ਕਿ ਯੋਧਿਆਂ ਸੂਰਬੀਰਾਂ ਦੇ ਜੀਵਨ ਸੰਗਰਾਮ ਤੋਂ ਸਾਨੂੰ ਅਣਖ ਅਤੇ ਗੈਰਤ ਨਾਲ ਜਿਊਣ ਦਾ ਪੈਗਾਮ ਮਿਲਦਾ ਹੈ। ਬਾਬਾ ਬੰਦਾ ਸਿੰਘ ਬਹਾਦਰ ਨੇ ਕਿਸਾਨਾਂ ਨੂੰ ਜ਼ਮੀਨਾਂ ਦੇ ਮਾਲਕ ਬਣਾ ਕੇ ਜਾਗੀਰਦਾਰੀ ਪ੍ਰਥਾ ਦਾ ਖਾਤਮਾ ਕੀਤਾ। ਇਸ ਤਰ੍ਹਾਂ ਉਹ ਕਿਸਾਨ ਭਾਈਚਾਰੇ ਦੇ ਮਸੀਹਾ ਬਣ ਕੇ ਉਭਰੇ।
ਸੁਖਮੰਦਰ ਸਿੰਘ ਕੋਠਾ ਗੁਰੂ ਬਾਬਾ ਜੀਵਨ ਸਿੰਘ ਵਿੱਦਿਅਕ ਵੈਲਫੇਅਰ ਟਰੱਸਟ ਪੰਜਾਬ ਦੇ ਜ਼ਿਲਾ ਪ੍ਰਚਾਰ ਸਕੱਤਰ ਨਿਯੁਕਤ
ਭੀਖੀ, ਮੰਡੀ 29 ਅਕਤੂਬਰ (ਜਗਜੀਤ ਸਿੰਘ) ਬਾਬਾ ਜੀਵਨ ਸਿੰਘ ਵਿੱਦਿਅਕ ਵੈਲਫੇਅਰ ਟਰੱਸਟ ਪੰਜਾਬ ਵੱਲੋਂ ਸੁਖਮੰਦਰ ਸਿੰਘ ਕੋਠਾ ਗੁਰੂ ਨੂੰ ਜ਼ਿਲ੍ਹਾ ਪ੍ਰਚਾਰ ਸਕੱਤਰ ਨਿਯੁਕਤ ਕੀਤਾ ਗਿਆ। ਨਿਯੁਕਤੀ ਪੱਤਰ ਸੌਂਪਦਿਆਂ ਟਰੱਸਟ ਦੇ ਆਗੂਆਂ ਨੇ ਉਮੀਦ ਜਤਾਈ ਕਿ ਉਹ ਬਾਬਾ ਜੀ ਦੇ ਸੰਦੇਸ਼ ਨੂੰ ਘਰ ਘਰ ਪਹੁੰਚਾਉਣਗੇ। ਉਨ੍ਹਾਂ ਕਿਹਾ ਕਿ ਬਾਬਾ ਜੀ ਦਾ ਸਮਾਗਮ ਜ਼ੋਰ ਸ਼ੋਰ ਨਾਲ ਮਨਾਇਆ ਜਾਵੇਗਾ।
ਰਾਜਿੰਦਰਾ ਕਾਲਜ ਦੀਆਂ ਸਾਫਟ ਟੈਨਿਸ ਅਤੇ ਟੈਨਿਸ ਟੀਮਾਂ ਨੇ ਯੂਨੀ. ਵਿੱਚੋਂ ਜਿੱਤੇ ਗੋਲਡ ਅਤੇ ਸਿਲਵਰ ਮੈਡਲ
ਬਠਿੰਡਾ 29 ਅਕਤੂਬਰ (ਅਨਿਲ ਵਰਮਾ) ਸਰਕਾਰੀ ਰਾਜਿੰਦਰਾ ਕਾਲਜ ਬਠਿੰਡਾ ਦੀਆਂ ਟੀਮਾਂ ਨੇ 18-19/10/24 ਅਤੇ 25-26/10/24 ਨੂੰ ਪੰਜਾਬੀ ਯੂਨੀਵਰਸਿਟੀ ਵਿਖੇ ਹੋਏ ਸਾਫਟ ਟੈਨਿਸ ਅਤੇ ਲਾਅਨ ਟੈਨਿਸ ਮੁਕਾਬਲਿਆਂ ਵਿੱਚ ਗੋਲਡ ਅਤੇ ਸਿਲਵਰ ਮੈਡਲ ਜਿੱਤੇ। ਪ੍ਰਿੰਸੀਪਲ ਡਾ. ਜਯੋਤਸਨਾ, ਡਾ.ਸਤਜੀਵਨ ਕੌਰ, ਡਾ.ਹਰਜਿੰਦਰ ਸਿੰਘ, ਡਾ.ਬਲਜਿੰਦਰ ਕੌਰ ਨੇ ਖਿਡਾਰੀਆਂ ਨੂੰ ਵਧਾਈ ਦਿੱਤੀ।
ਸਰਦਾਰੀਆ ਟਰਸਟ ਦੇ ਸੀਨੀਅਰ ਮੈਂਬਰ ਜਗਰਾਜ ਸਿੰਘ ਨੂੰ ਸਦਮਾ, ਪਿਤਾ ਦਾ ਦੇਹਾਂਤ,ਅੰਤਿਮ ਅਰਦਾਸ 5 ਨਵੰਬਰ ਨੂੰ
-ਬਾਪੂ ਅਜੂਬ ਸਿੰਘ ਜੀ ਦਾ ਅਕਾਲ ਚਲਾਣਾ ਕਦੇ ਨਾ ਪੂਰਾ ਹੋਣ ਵਾਲਾ ਘਾਟਾ: ਸਤਨਾਮ ਸਿੰਘ ਦਰਬੀਕੋਨਾ
ਬਠਿੰਡਾ 29 ਅਕਤੂਬਰ (ਅਨਿਲ ਵਰਮਾ) ਸਰਦਾਰੀਆ ਟਰਸਟ ਦੇ ਸੀਨੀਅਰ ਮੈਂਬਰ ਜਗਰਾਜ ਸਿੰਘ ਦੇ ਪਿਤਾ ਬਾਪੂ ਅਜੂਬ ਸਿੰਘ ਜੀ 27 ਅਕਤੂਬਰ ਨੂੰ ਅਕਾਲ ਚਲਾਣਾ ਕਰ ਗਏ। ਉਨ੍ਹਾਂ ਦੀ ਅੰਤਿਮ ਅਰਦਾਸ 5 ਨਵੰਬਰ ਨੂੰ ਹੋਵੇਗੀ। ਪਰਿਵਾਰ ਨਾਲ ਦੁੱਖ ਸਾਂਝਾ ਕਰਦਿਆਂ ਸਰਦਾਰੀਆ ਟਰਸਟ ਦੇ ਮੈਂਬਰਾਂ ਨੇ ਕਿਹਾ ਕਿ ਬਾਪੂ ਜੀ ਦਾ ਜਾਣਾ ਕਦੇ ਨਾ ਪੂਰਾ ਹੋਣ ਵਾਲਾ ਘਾਟਾ ਹੈ। ਟਰਸਟ, ਹਰਪ੍ਰੀਤ ਸਿੰਘ ਸਿੱਧਰਾ, ਗੁਰਪ੍ਰੀਤ ਸਿੰਘ ਮਹਿਰ, ਅਮਨਦੀਪ ਸਿੰਘ ਕਰਿੰਦਾ ਆਦਿ ਨੇ ਵੀ ਬਾਪੂ ਅਜੂਬ ਸਿੰਘ ਜੀ ਦੇ ਅਕਾਲ ਚਲਾਣੇ ਤੇ ਗਹਿਰਾ ਦੁੱਖ ਪ੍ਰਗਟ ਕੀਤਾ।
ਸੰਸਕਾਰ ਵੈਲੀ ਸਮਾਰਟ ਸਕੂਲ ਬੱਚਿਆਂ ਨੂੰ ਪੂਰਾ ਹਫ਼ਤਾ ਵੱਖ-ਵੱਖ ਥਾਵਾਂ ਤੇ ਜਾਕੇ ਜ਼ਰੂਰਤਮੰਦ ਲੋਕਾਂ ਨਾਲ ਮਿਲਕੇ ਮਨਾਈ ਦਿਵਾਲੀ
ਫਤਿਹਗੜ੍ਹ 29 ਅਕਤੂਬਰ (ਵਿਕਾਸ ਚੰਡਾਲਾ) ਸੰਸਕਾਰ ਵੈਲੀ ਸਮਾਰਟ ਸਕੂਲ ਦੇ ਵਿਦਿਆਰਥੀਆਂ ਅਤੇ ਸਟਾਫ ਨੇ ਇਸ ਵਾਰ ਦੀਵਾਲੀ ਦਾ ਤਿਉਹਾਰ ਨਿਵੇਕਲੇ ਢੰਗ ਨਾਲ ਮਨਾਇਆ। ਬੱਚਿਆਂ ਨੇ ਪੂਰਾ ਹਫ਼ਤਾ ਵੱਖ-ਵੱਖ ਥਾਵਾਂ ਤੇ ਜਾ ਕੇ ਜ਼ਰੂਰਤਮੰਦ ਲੋਕਾਂ ਨਾਲ ਖੁਸ਼ੀਆਂ ਸਾਂਝੀਆਂ ਕੀਤੀਆਂ ਅਤੇ ਮਠਿਆਈਆਂ ਵੰਡੀਆਂ। ਸੰਗਮ ਵੈਲਫੇਅਰ ਸੁਸਾਇਟੀ ਆਦਿ ਥਾਵਾਂ ਦਾ ਦੌਰਾ ਕੀਤਾ ਤਾਂ ਜੋ ਵਿਦਿਆਰਥੀ ਸਮਾਜ ਦੇ ਜ਼ਰੂਰਤਮੰਦ ਲੋਕਾਂ ਦੀਆਂ ਭਾਵਨਾਵਾਂ ਨੂੰ ਸਮਝਣ। ਸਕੂਲ ਦੇ ਬੱਚਿਆਂ ਅਤੇ ਸਟਾਫ ਵੱਲੋਂ ਉਨ੍ਹਾਂ ਦਾ ਨਿੱਘਾ ਸਵਾਗਤ ਕੀਤਾ ਗਿਆ। ਆਪਣੀਆਂ ਖੁਸ਼ੀਆਂ ਸਾਂਝੀਆਂ ਕਰਕੇ ਆਪਣੀਆਂ ਖੁਸ਼ੀਆਂ ਦੁੱਗਣੀਆਂ ਕਰ ਸਕੀਏ।
ਗਿੱਦੜਬਾਹਾ ਜ਼ਿਮਨੀ ਚੋਣ ਦੌਰਾਨ ਅੰਮ੍ਰਿਤਾ ਵੜਿੰਗ ਹੂੰਝਾਫੇਰ ਜਿੱਤ ਪ੍ਰਾਪਤ ਕਰੇਗੀ : ਗੁਰਪ੍ਰੀਤ ਕਾਲਾ
ਗਿੱਦੜਬਾਹਾ 29 ਅਕਤੂਬਰ (ਜਸਵੀਰ ਸਿੰਘ ਬੁੱਟਰ) ਗਿੱਦੜਬਾਹਾ ਜ਼ਿਮਨੀ ਚੋਣ ਦੌਰਾਨ ਕਾਂਗਰਸ ਪਾਰਟੀ ਦੀ ਉਮੀਦਵਾਰ ਅੰਮ੍ਰਿਤਾ ਵੜਿੰਗ ਹੂੰਝਾਫੇਰ ਜਿੱਤ ਪ੍ਰਾਪਤ ਕਰੇਗੀ। ਇਹ ਪ੍ਰਗਟਾਵਾ ਗੁਰਪ੍ਰੀਤ ਸਿੰਘ ਕਾਲਾ ਨੇ ਕੀਤਾ। ਉਨ੍ਹਾਂ ਕਿਹਾ ਕਿ ਹਲਕੇ ਦੇ ਲੋਕ ਕਾਂਗਰਸ ਪਾਰਟੀ ਦੀਆਂ ਨੀਤੀਆਂ ਤੋਂ ਖੁਸ਼ ਹਨ ਅਤੇ ਰਾਜਾ ਵੜਿੰਗ ਵੱਲੋਂ ਕੀਤੇ ਵਿਕਾਸ ਕਾਰਜਾਂ ਦੇ ਨਾਂ ਤੇ ਵੋਟ ਪਾਉਣਗੇ। ਪਿੰਡ ਲਾਲ ਕੇ ਅੰਮ੍ਰਿਤਾ ਵੜਿੰਗ ਨੂੰ ਕਾਮਯਾਬ ਕਰਨਗੇ।
ਗੁਰੂ ਹਰਕ੍ਰਿਸ਼ਨ ਪਬਲਿਕ ਸਕੂਲ ਵਿਖੇ ਮਨਾਇਆ ਦੀਵਾਲੀ ਦਾ ਤਿਉਹਾਰ
ਫਿਰੋਜ਼ਪੁਰ,29 ਅਕਤੂਬਰ (ਸੁਖਵਿੰਦਰ ਸਿੰਘ) ਗੁਰੂ ਹਰਕ੍ਰਿਸ਼ਨ ਪਬਲਿਕ ਸਕੂਲ ਵਿਖੇ ਦੀਵਾਲੀ ਦਾ ਤਿਉਹਾਰ ਬੜੀ ਧੂਮਧਾਮ ਨਾਲ ਮਨਾਇਆ ਗਿਆ। ਇਸ ਮੌਕੇ ਸਕੂਲ ਦੇ ਵਿਦਿਆਰਥੀਆਂ ਵੱਲੋਂ ਰੰਗੋਲੀ, ਦੀਵੇ ਸਜਾਉਣ ਅਤੇ ਹੋਰ ਗਤੀਵਿਧੀਆਂ ਵਿੱਚ ਭਾਗ ਲਿਆ ਗਿਆ। ਪ੍ਰੋਗਰਾਮ ਵਿੱਚ ਵਿਦਿਆਰਥੀਆਂ ਨੇ ਵੱਧ ਚੜ੍ਹ ਕੇ ਹਿੱਸਾ ਲਿਆ। ਸਕੂਲ ਪ੍ਰਿੰਸੀਪਲ ਨੇ ਬੱਚਿਆਂ ਨੂੰ ਗ੍ਰੀਨ ਦੀਵਾਲੀ ਮਨਾਉਣ ਲਈ ਪ੍ਰੇਰਿਤ ਕੀਤਾ ਅਤੇ ਦੀਵਾਲੀ ਦੇ ਇਤਿਹਾਸ ਬਾਰੇ ਜਾਣਕਾਰੀ ਦਿੱਤੀ। ਸਕੂਲ ਮੈਨੇਜਮੈਂਟ ਕਮੇਟੀ ਵੱਲੋਂ ਸਾਰੇ ਸਟਾਫ ਮੈਂਬਰਾਂ ਨੂੰ ਦੀਵਾਲੀ ਦੇ ਤੋਹਫੇ ਦੇ ਕੇ ਸਨਮਾਨਿਤ ਕੀਤਾ ਗਿਆ।
